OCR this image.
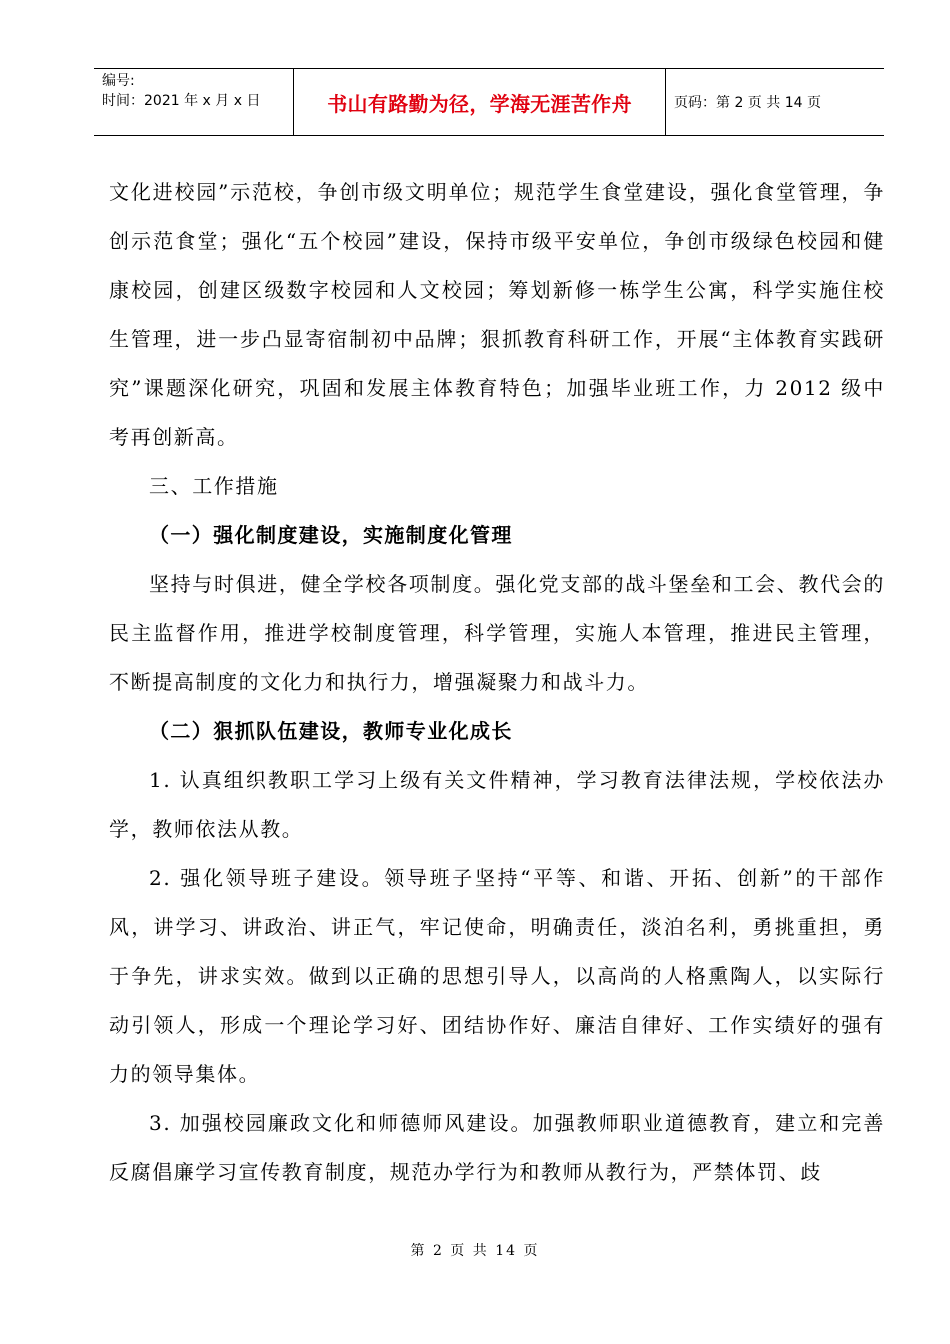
编号:
时间：2021 年 x 月 x 日	书山有路勤为径，学海无涯苦作舟	页码：第 2 页 共 14 页

文化进校园”示范校，争创市级文明单位；规范学生食堂建设，强化食堂管理，争创示范食堂；强化“五个校园”建设，保持市级平安单位，争创市级绿色校园和健康校园，创建区级数字校园和人文校园；筹划新修一栋学生公寓，科学实施住校生管理，进一步凸显寄宿制初中品牌；狠抓教育科研工作，开展“主体教育实践研究”课题深化研究，巩固和发展主体教育特色；加强毕业班工作，力 2012 级中考再创新高。

三、工作措施

（一）强化制度建设，实施制度化管理

坚持与时俱进，健全学校各项制度。强化党支部的战斗堡垒和工会、教代会的民主监督作用，推进学校制度管理，科学管理，实施人本管理，推进民主管理，不断提高制度的文化力和执行力，增强凝聚力和战斗力。

（二）狠抓队伍建设，教师专业化成长

1. 认真组织教职工学习上级有关文件精神，学习教育法律法规，学校依法办学，教师依法从教。

2. 强化领导班子建设。领导班子坚持“平等、和谐、开拓、创新”的干部作风，讲学习、讲政治、讲正气，牢记使命，明确责任，淡泊名利，勇挑重担，勇于争先，讲求实效。做到以正确的思想引导人，以高尚的人格熏陶人，以实际行动引领人，形成一个理论学习好、团结协作好、廉洁自律好、工作实绩好的强有力的领导集体。

3. 加强校园廉政文化和师德师风建设。加强教师职业道德教育，建立和完善反腐倡廉学习宣传教育制度，规范办学行为和教师从教行为，严禁体罚、歧

第 2 页 共 14 页
